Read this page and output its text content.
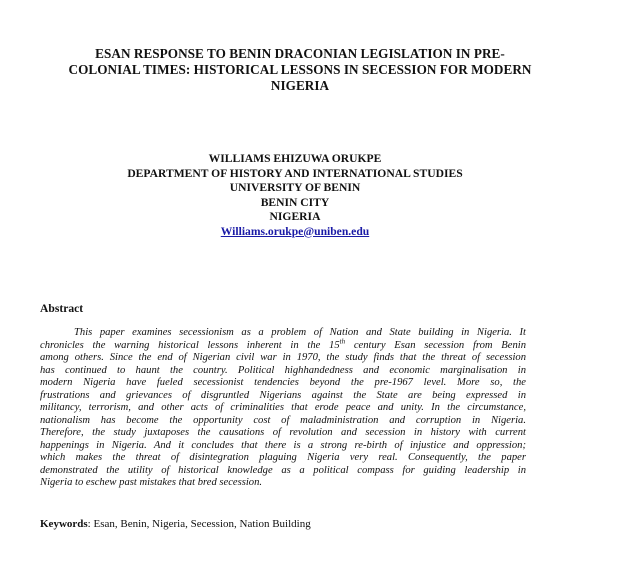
ESAN RESPONSE TO BENIN DRACONIAN LEGISLATION IN PRE-
COLONIAL TIMES: HISTORICAL LESSONS IN SECESSION FOR MODERN
NIGERIA
WILLIAMS EHIZUWA ORUKPE
DEPARTMENT OF HISTORY AND INTERNATIONAL STUDIES
UNIVERSITY OF BENIN
BENIN CITY
NIGERIA
Williams.orukpe@uniben.edu
Abstract
This paper examines secessionism as a problem of Nation and State building in Nigeria. It
chronicles the warning historical lessons inherent in the 15th century Esan secession from Benin
among others. Since the end of Nigerian civil war in 1970, the study finds that the threat of secession
has continued to haunt the country. Political highhandedness and economic marginalisation in
modern Nigeria have fueled secessionist tendencies beyond the pre-1967 level. More so, the
frustrations and grievances of disgruntled Nigerians against the State are being expressed in
militancy, terrorism, and other acts of criminalities that erode peace and unity. In the circumstance,
nationalism has become the opportunity cost of maladministration and corruption in Nigeria.
Therefore, the study juxtaposes the causations of revolution and secession in history with current
happenings in Nigeria. And it concludes that there is a strong re-birth of injustice and oppression;
which makes the threat of disintegration plaguing Nigeria very real. Consequently, the paper
demonstrated the utility of historical knowledge as a political compass for guiding leadership in
Nigeria to eschew past mistakes that bred secession.
Keywords: Esan, Benin, Nigeria, Secession, Nation Building
